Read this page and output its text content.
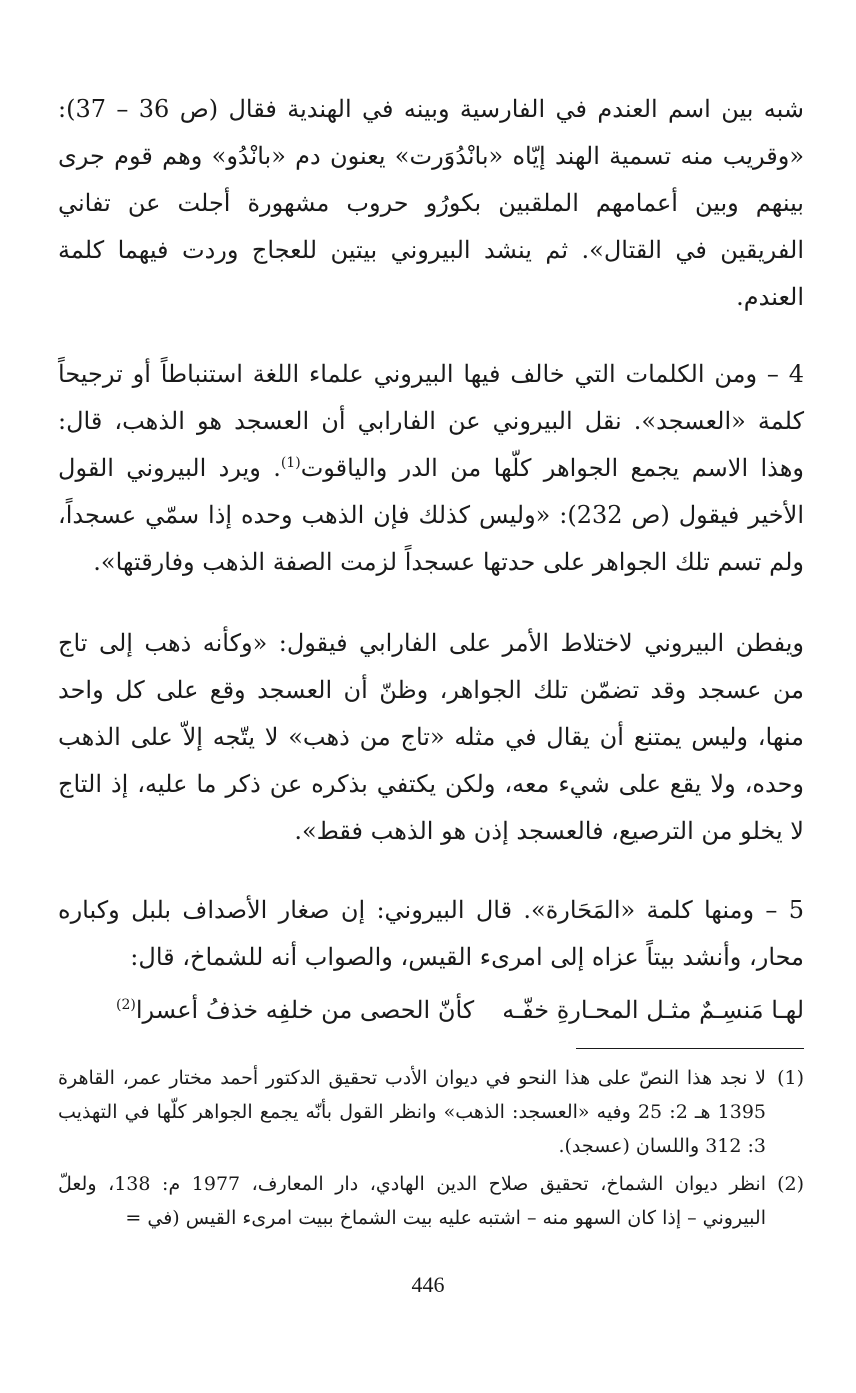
شبه بين اسم العندم في الفارسية وبينه في الهندية فقال (ص 36 – 37): «وقريب منه تسمية الهند إيّاه «بانْدُوَرت» يعنون دم «بانْدُو» وهم قوم جرى بينهم وبين أعمامهم الملقبين بكورُو حروب مشهورة أجلت عن تفاني الفريقين في القتال». ثم ينشد البيروني بيتين للعجاج وردت فيهما كلمة العندم.

4 – ومن الكلمات التي خالف فيها البيروني علماء اللغة استنباطاً أو ترجيحاً كلمة «العسجد». نقل البيروني عن الفارابي أن العسجد هو الذهب، قال: وهذا الاسم يجمع الجواهر كلّها من الدر والياقوت$^{(1)}$. ويرد البيروني القول الأخير فيقول (ص 232): «وليس كذلك فإن الذهب وحده إذا سمّي عسجداً، ولم تسم تلك الجواهر على حدتها عسجداً لزمت الصفة الذهب وفارقتها».

ويفطن البيروني لاختلاط الأمر على الفارابي فيقول: «وكأنه ذهب إلى تاج من عسجد وقد تضمّن تلك الجواهر، وظنّ أن العسجد وقع على كل واحد منها، وليس يمتنع أن يقال في مثله «تاج من ذهب» لا يتّجه إلاّ على الذهب وحده، ولا يقع على شيء معه، ولكن يكتفي بذكره عن ذكر ما عليه، إذ التاج لا يخلو من الترصيع، فالعسجد إذن هو الذهب فقط».

5 – ومنها كلمة «المَحَارة». قال البيروني: إن صغار الأصداف بلبل وكباره محار، وأنشد بيتاً عزاه إلى امرىء القيس، والصواب أنه للشماخ، قال:

لهـا مَنسِـمٌ مثـل المحـارةِ خفّـه
كأنّ الحصى من خلفِه خذفُ أعسرا$^{(2)}$
(1)
لا نجد هذا النصّ على هذا النحو في ديوان الأدب تحقيق الدكتور أحمد مختار عمر، القاهرة 1395 هـ 2: 25 وفيه «العسجد: الذهب» وانظر القول بأنّه يجمع الجواهر كلّها في التهذيب 3: 312 واللسان (عسجد).
(2)
انظر ديوان الشماخ، تحقيق صلاح الدين الهادي، دار المعارف، 1977 م: 138، ولعلّ البيروني – إذا كان السهو منه – اشتبه عليه بيت الشماخ ببيت امرىء القيس (في =
446
